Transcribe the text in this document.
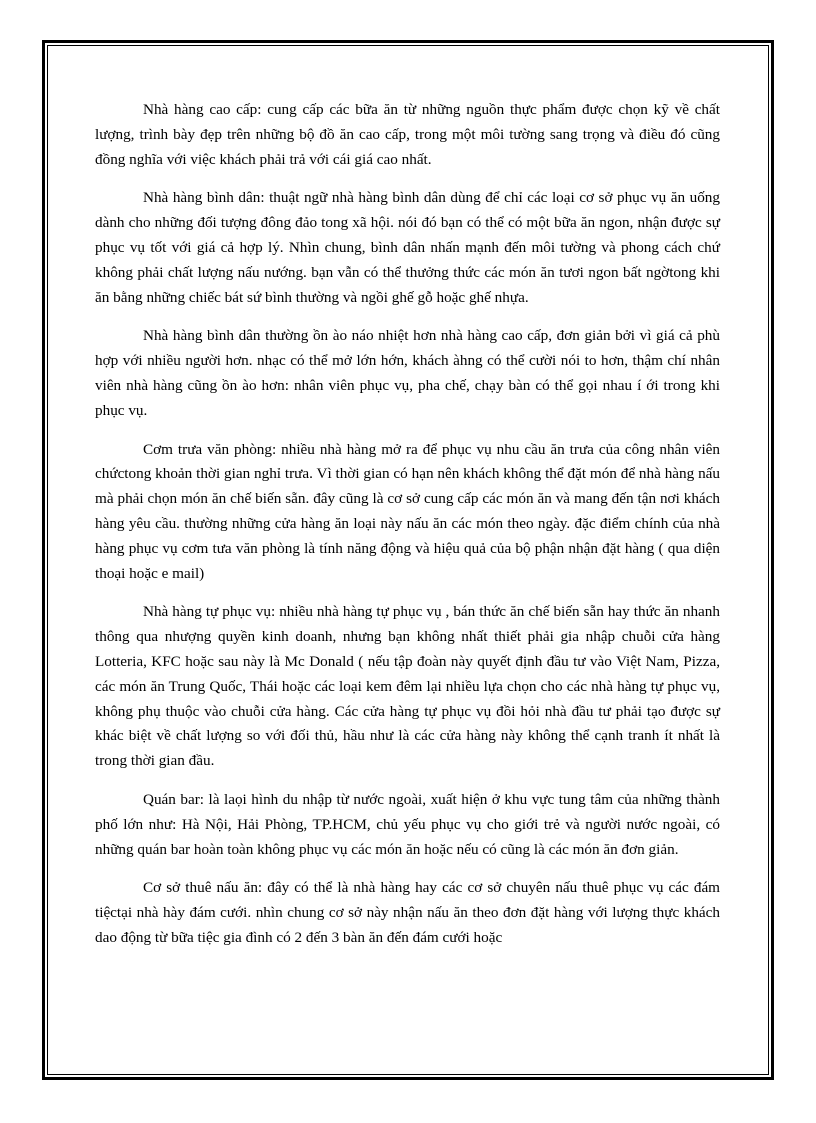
Nhà hàng cao cấp: cung cấp các bữa ăn từ những nguồn thực phẩm được chọn kỹ về chất lượng, trình bày đẹp trên những bộ đồ ăn cao cấp, trong một môi tường sang trọng và điều đó cũng đồng nghĩa với việc khách phải trả với cái giá cao nhất.

Nhà hàng bình dân: thuật ngữ nhà hàng bình dân dùng để chỉ các loại cơ sở phục vụ ăn uống dành cho những đối tượng đông đảo tong xã hội. nói đó bạn có thể có một bữa ăn ngon, nhận được sự phục vụ tốt với giá cả hợp lý. Nhìn chung, bình dân nhấn mạnh đến môi tường và phong cách chứ không phải chất lượng nấu nướng. bạn vẫn có thể thưởng thức các món ăn tươi ngon bất ngờtong khi ăn bằng những chiếc bát sứ bình thường và ngồi ghế gỗ hoặc ghế nhựa.

Nhà hàng bình dân thường ồn ào náo nhiệt hơn nhà hàng cao cấp, đơn giản bởi vì giá cả phù hợp với nhiều người hơn. nhạc có thể mở lớn hớn, khách àhng có thể cười nói to hơn, thậm chí nhân viên nhà hàng cũng ồn ào hơn: nhân viên phục vụ, pha chế, chạy bàn có thể gọi nhau í ới trong khi phục vụ.

Cơm trưa văn phòng: nhiều nhà hàng mở ra để phục vụ nhu cầu ăn trưa của công nhân viên chứctong khoản thời gian nghỉ trưa. Vì thời gian có hạn nên khách không thể đặt món để nhà hàng nấu mà phải chọn món ăn chế biến sẵn. đây cũng là cơ sở cung cấp các món ăn và mang đến tận nơi khách hàng yêu cầu. thường những cửa hàng ăn loại này nấu ăn các món theo ngày. đặc điểm chính của nhà hàng phục vụ cơm tưa văn phòng là tính năng động và hiệu quả của bộ phận nhận đặt hàng ( qua diện thoại hoặc e mail)

Nhà hàng tự phục vụ: nhiều nhà hàng tự phục vụ , bán thức ăn chế biến sẵn hay thức ăn nhanh thông qua nhượng quyền kinh doanh, nhưng bạn không nhất thiết phải gia nhập chuỗi cửa hàng Lotteria, KFC hoặc sau này là Mc Donald ( nếu tập đoàn này quyết định đầu tư vào Việt Nam, Pizza, các món ăn Trung Quốc, Thái hoặc các loại kem đêm lại nhiều lựa chọn cho các nhà hàng tự phục vụ, không phụ thuộc vào chuỗi cửa hàng. Các cửa hàng tự phục vụ đồi hỏi nhà đầu tư phải tạo được sự khác biệt về chất lượng so với đối thủ, hầu như là các cửa hàng này không thể cạnh tranh ít nhất là trong thời gian đầu.

Quán bar: là laọi hình du nhập từ nước ngoài, xuất hiện ở khu vực tung tâm của những thành phố lớn như: Hà Nội, Hải Phòng, TP.HCM, chủ yếu phục vụ cho giới trẻ và người nước ngoài, có những quán bar hoàn toàn không phục vụ các món ăn hoặc nếu có cũng là các món ăn đơn giản.

Cơ sở thuê nấu ăn: đây có thể là nhà hàng hay các cơ sở chuyên nấu thuê phục vụ các đám tiệctại nhà hày đám cưới. nhìn chung cơ sở này nhận nấu ăn theo đơn đặt hàng với lượng thực khách dao động từ bữa tiệc gia đình có 2 đến 3 bàn ăn đến đám cưới hoặc
